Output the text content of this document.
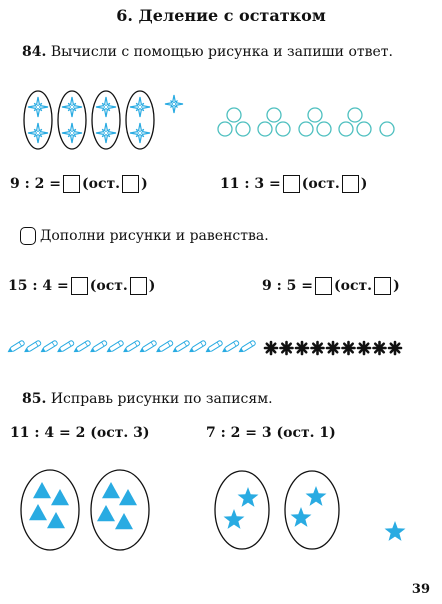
6. Деление с остатком
84. Вычисли с помощью рисунка и запиши ответ.
9 : 2 = (ост. )	11 : 3 = (ост. )
Дополни рисунки и равенства.
15 : 4 = (ост. )	9 : 5 = (ост. )
85. Исправь рисунки по записям.
11 : 4 = 2 (ост. 3)	7 : 2 = 3 (ост. 1)
39
